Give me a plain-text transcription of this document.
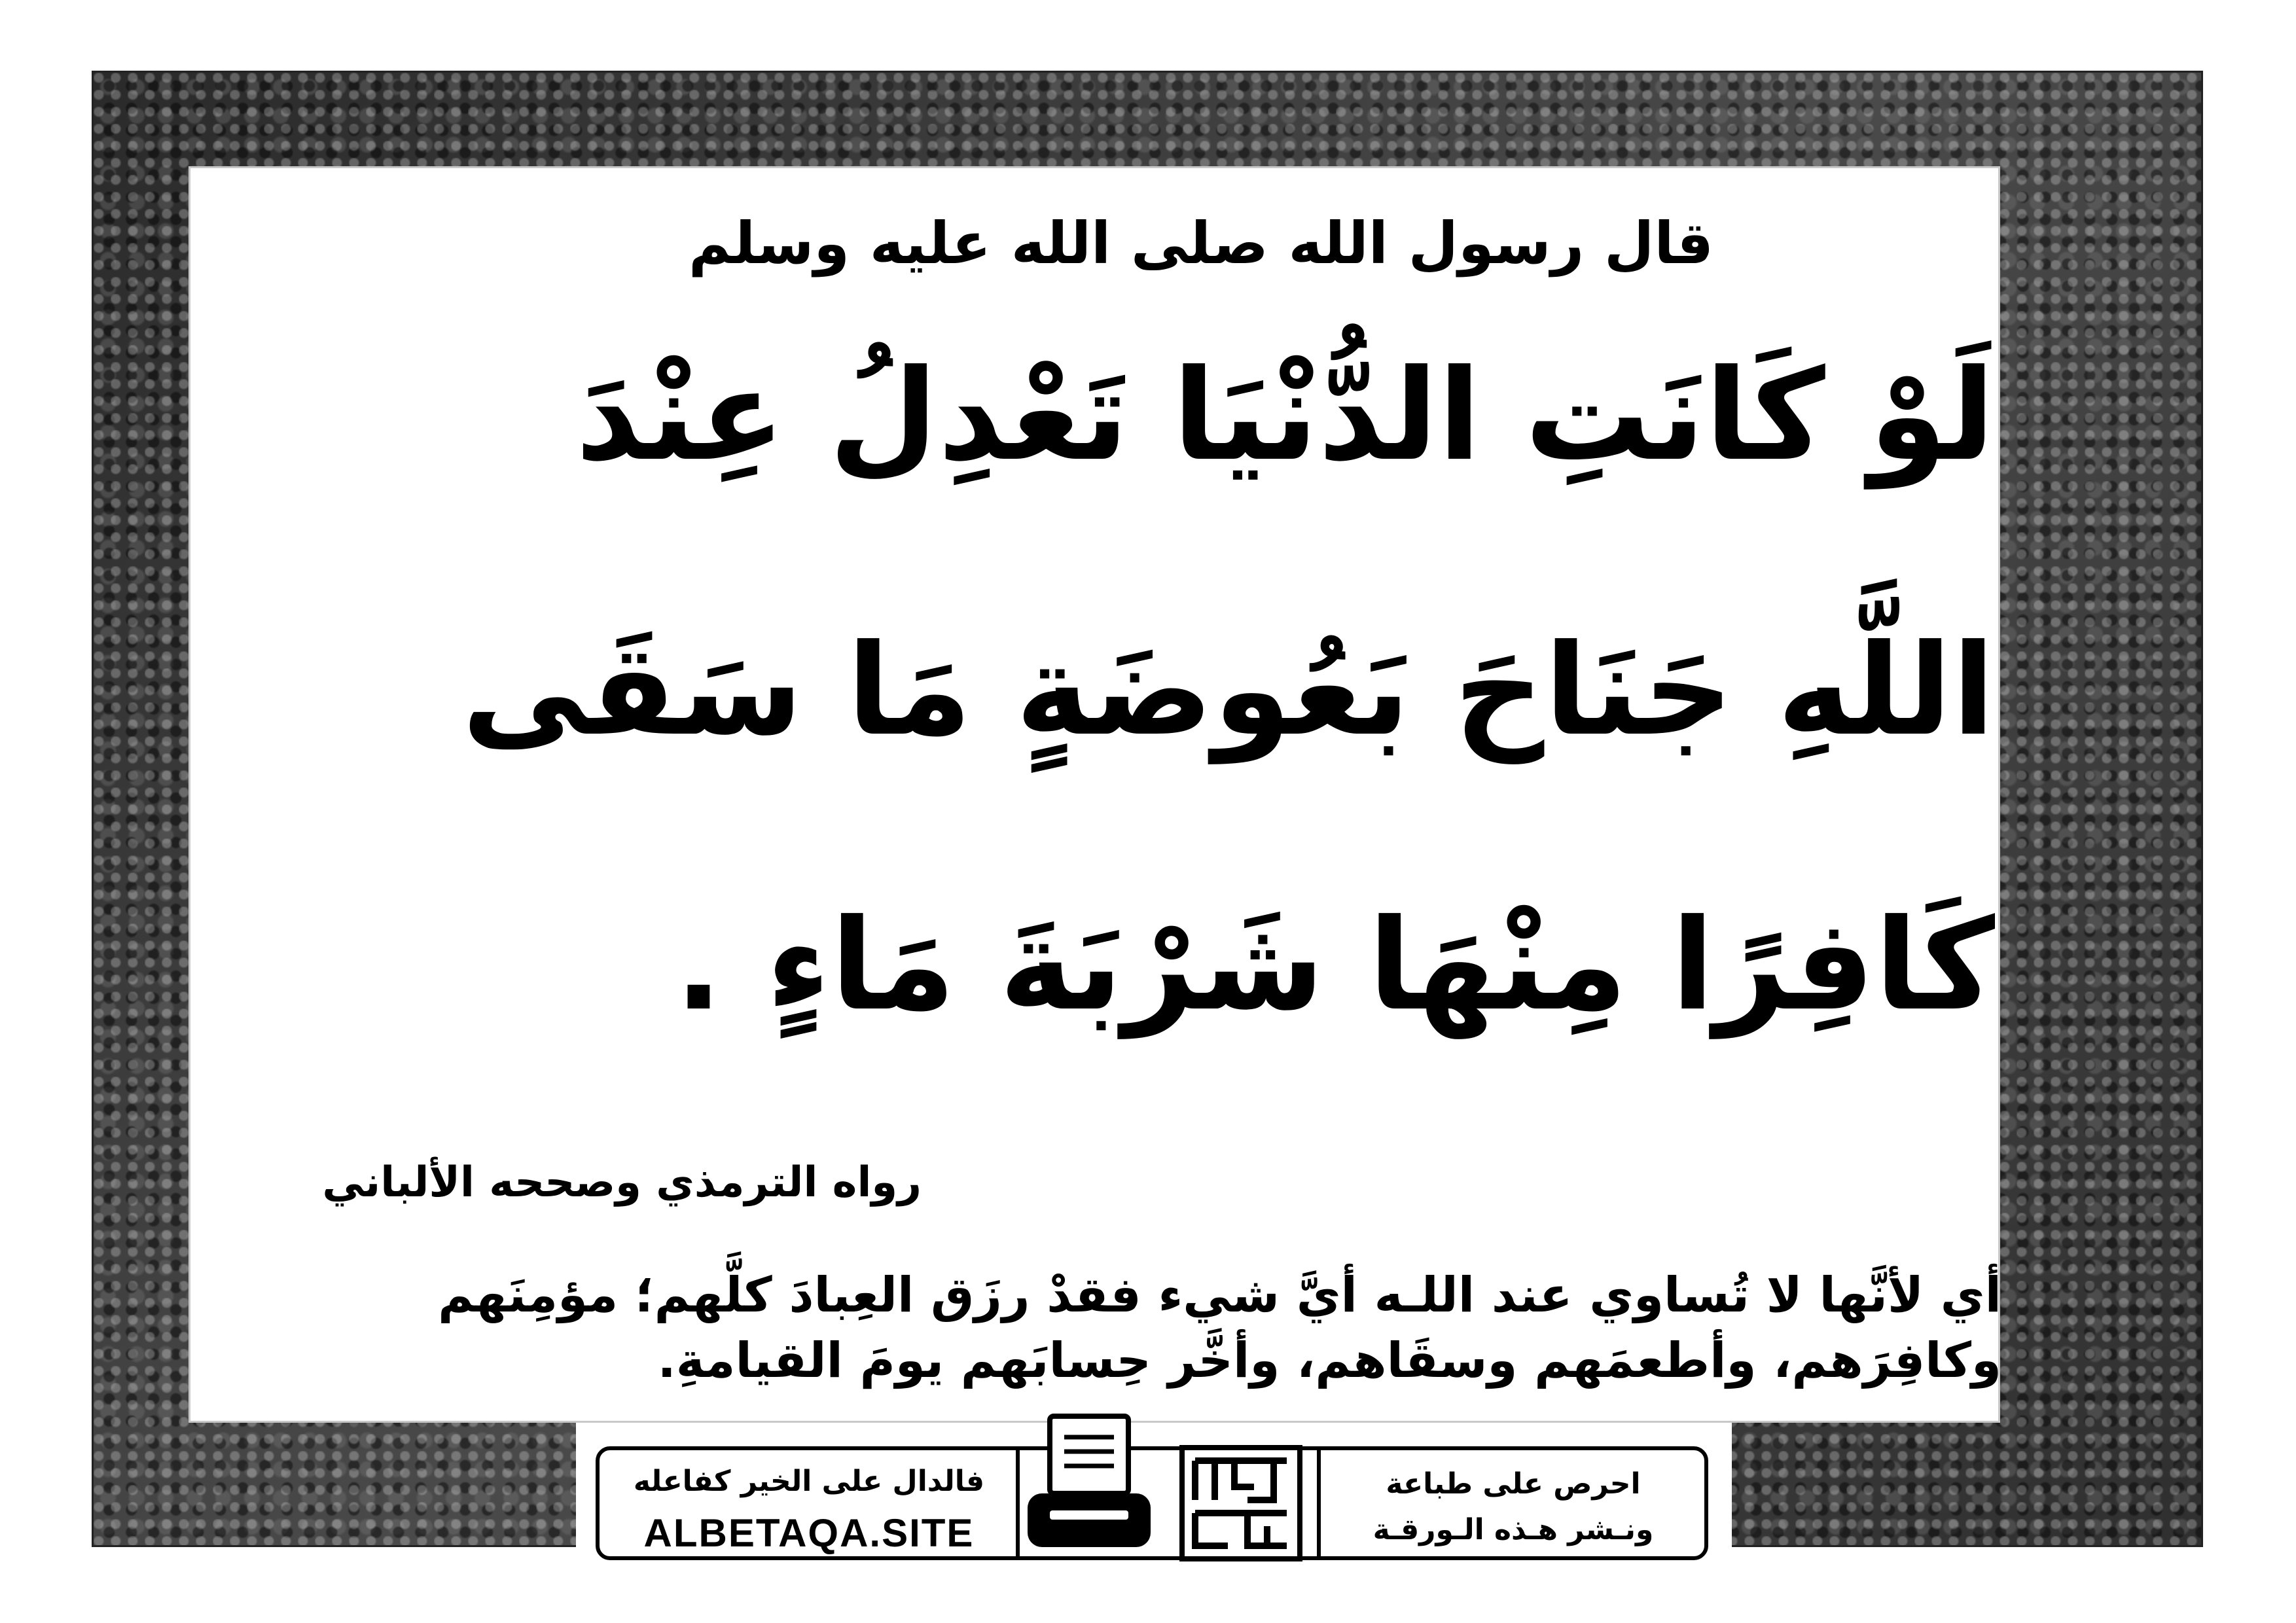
قال رسول الله صلى الله عليه وسلم
لَوْ كَانَتِ الدُّنْيَا تَعْدِلُ عِنْدَ
اللَّهِ جَنَاحَ بَعُوضَةٍ مَا سَقَى
كَافِرًا مِنْهَا شَرْبَةَ مَاءٍ .
رواه الترمذي وصححه الألباني
أي لأنَّها لا تُساوي عند اللـه أيَّ شيء فقدْ رزَق العِبادَ كلَّهم؛ مؤمِنَهم وكافِرَهم، وأطعمَهم وسقَاهم، وأخَّر حِسابَهم يومَ القيامةِ.
فالدال على الخير كفاعله
ALBETAQA.SITE
احرص على طباعة
ونـشر هـذه الـورقـة
